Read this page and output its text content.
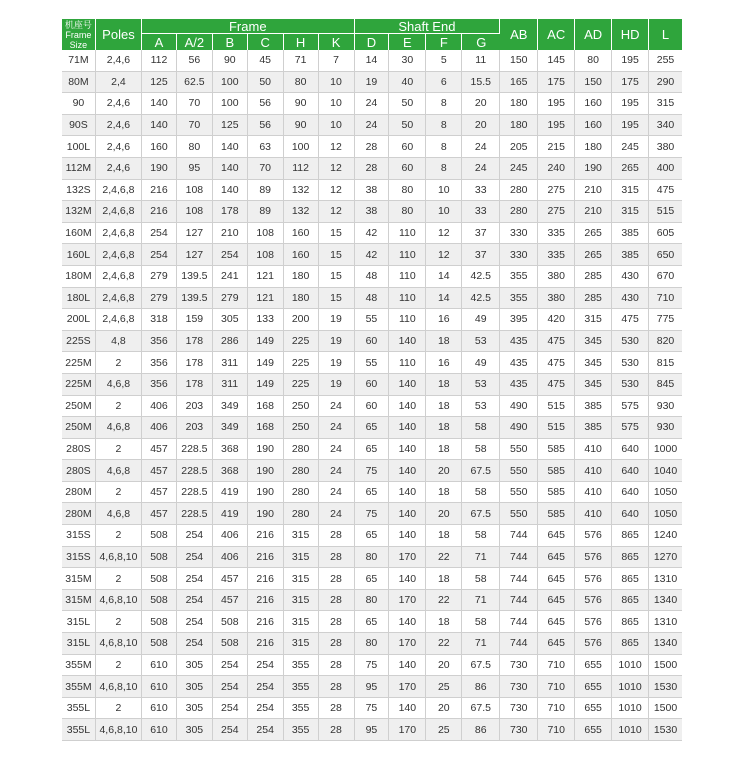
机座号
Frame
Size	Poles	Frame						Shaft End				AB	AC	AD	HD	L
		A	A/2	B	C	H	K	D	E	F	G					
71M	2,4,6	112	56	90	45	71	7	14	30	5	11	150	145	80	195	255
80M	2,4	125	62.5	100	50	80	10	19	40	6	15.5	165	175	150	175	290
90	2,4,6	140	70	100	56	90	10	24	50	8	20	180	195	160	195	315
90S	2,4,6	140	70	125	56	90	10	24	50	8	20	180	195	160	195	340
100L	2,4,6	160	80	140	63	100	12	28	60	8	24	205	215	180	245	380
112M	2,4,6	190	95	140	70	112	12	28	60	8	24	245	240	190	265	400
132S	2,4,6,8	216	108	140	89	132	12	38	80	10	33	280	275	210	315	475
132M	2,4,6,8	216	108	178	89	132	12	38	80	10	33	280	275	210	315	515
160M	2,4,6,8	254	127	210	108	160	15	42	110	12	37	330	335	265	385	605
160L	2,4,6,8	254	127	254	108	160	15	42	110	12	37	330	335	265	385	650
180M	2,4,6,8	279	139.5	241	121	180	15	48	110	14	42.5	355	380	285	430	670
180L	2,4,6,8	279	139.5	279	121	180	15	48	110	14	42.5	355	380	285	430	710
200L	2,4,6,8	318	159	305	133	200	19	55	110	16	49	395	420	315	475	775
225S	4,8	356	178	286	149	225	19	60	140	18	53	435	475	345	530	820
225M	2	356	178	311	149	225	19	55	110	16	49	435	475	345	530	815
225M	4,6,8	356	178	311	149	225	19	60	140	18	53	435	475	345	530	845
250M	2	406	203	349	168	250	24	60	140	18	53	490	515	385	575	930
250M	4,6,8	406	203	349	168	250	24	65	140	18	58	490	515	385	575	930
280S	2	457	228.5	368	190	280	24	65	140	18	58	550	585	410	640	1000
280S	4,6,8	457	228.5	368	190	280	24	75	140	20	67.5	550	585	410	640	1040
280M	2	457	228.5	419	190	280	24	65	140	18	58	550	585	410	640	1050
280M	4,6,8	457	228.5	419	190	280	24	75	140	20	67.5	550	585	410	640	1050
315S	2	508	254	406	216	315	28	65	140	18	58	744	645	576	865	1240
315S	4,6,8,10	508	254	406	216	315	28	80	170	22	71	744	645	576	865	1270
315M	2	508	254	457	216	315	28	65	140	18	58	744	645	576	865	1310
315M	4,6,8,10	508	254	457	216	315	28	80	170	22	71	744	645	576	865	1340
315L	2	508	254	508	216	315	28	65	140	18	58	744	645	576	865	1310
315L	4,6,8,10	508	254	508	216	315	28	80	170	22	71	744	645	576	865	1340
355M	2	610	305	254	254	355	28	75	140	20	67.5	730	710	655	1010	1500
355M	4,6,8,10	610	305	254	254	355	28	95	170	25	86	730	710	655	1010	1530
355L	2	610	305	254	254	355	28	75	140	20	67.5	730	710	655	1010	1500
355L	4,6,8,10	610	305	254	254	355	28	95	170	25	86	730	710	655	1010	1530
